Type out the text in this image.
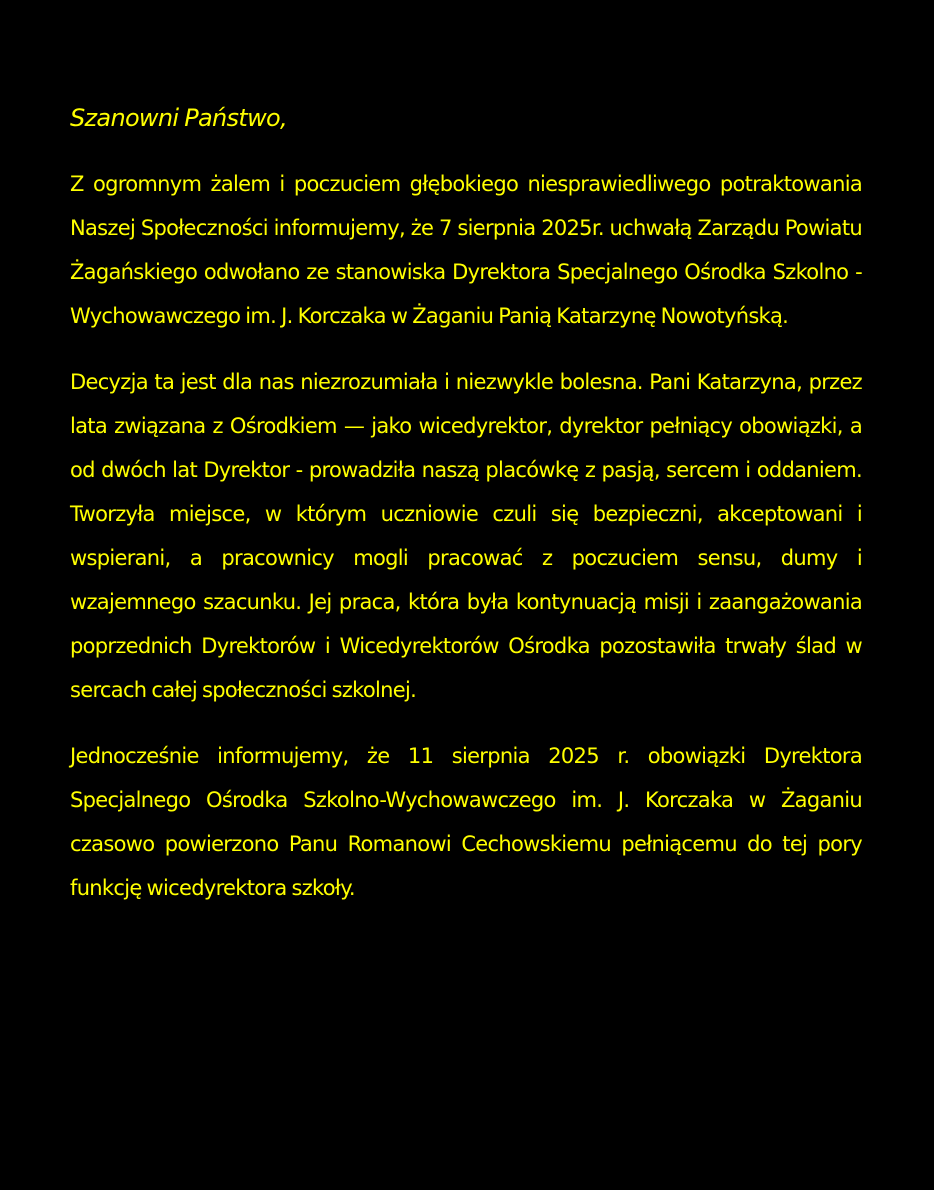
Szanowni Państwo,

Z ogromnym żalem i poczuciem głębokiego niesprawiedliwego potraktowania Naszej Społeczności informujemy, że 7 sierpnia 2025r. uchwałą Zarządu Powiatu Żagańskiego odwołano ze stanowiska Dyrektora Specjalnego Ośrodka Szkolno - Wychowawczego im. J. Korczaka w Żaganiu Panią Katarzynę Nowotyńską.

Decyzja ta jest dla nas niezrozumiała i niezwykle bolesna. Pani Katarzyna, przez lata związana z Ośrodkiem — jako wicedyrektor, dyrektor pełniący obowiązki, a od dwóch lat Dyrektor - prowadziła naszą placówkę z pasją, sercem i oddaniem. Tworzyła miejsce, w którym uczniowie czuli się bezpieczni, akceptowani i wspierani, a pracownicy mogli pracować z poczuciem sensu, dumy i wzajemnego szacunku. Jej praca, która była kontynuacją misji i zaangażowania poprzednich Dyrektorów i Wicedyrektorów Ośrodka pozostawiła trwały ślad w sercach całej społeczności szkolnej.

Jednocześnie informujemy, że 11 sierpnia 2025 r. obowiązki Dyrektora Specjalnego Ośrodka Szkolno-Wychowawczego im. J. Korczaka w Żaganiu czasowo powierzono Panu Romanowi Cechowskiemu pełniącemu do tej pory funkcję wicedyrektora szkoły.
